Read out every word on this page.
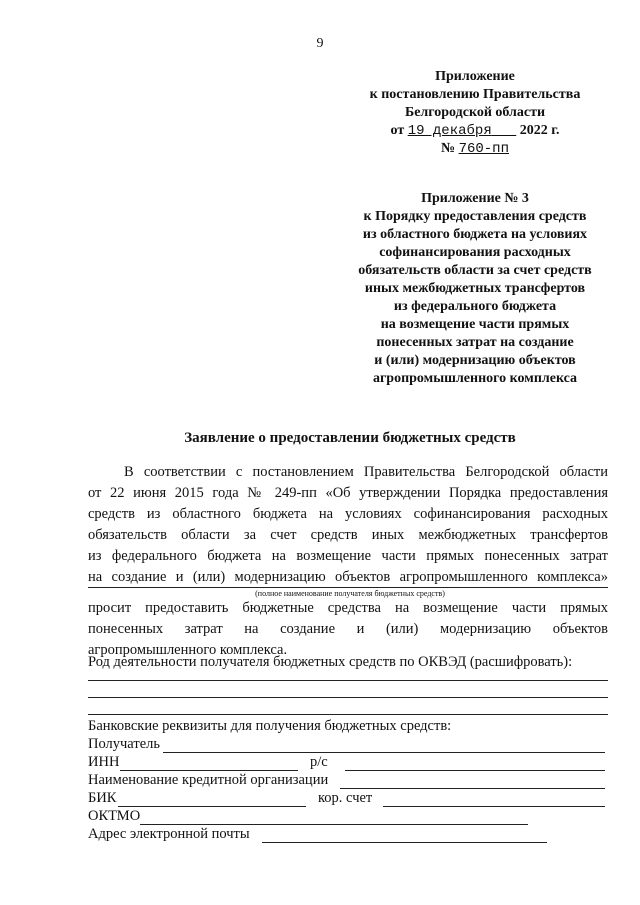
9
Приложение
к постановлению Правительства
Белгородской области
от 19 декабря 2022 г.
№ 760-пп
Приложение № 3
к Порядку предоставления средств
из областного бюджета на условиях
софинансирования расходных
обязательств области за счет средств
иных межбюджетных трансфертов
из федерального бюджета
на возмещение части прямых
понесенных затрат на создание
и (или) модернизацию объектов
агропромышленного комплекса
Заявление о предоставлении бюджетных средств
В соответствии с постановлением Правительства Белгородской области
от 22 июня 2015 года № 249-пп «Об утверждении Порядка предоставления
средств из областного бюджета на условиях софинансирования расходных
обязательств области за счет средств иных межбюджетных трансфертов
из федерального бюджета на возмещение части прямых понесенных затрат
на создание и (или) модернизацию объектов агропромышленного комплекса»
(полное наименование получателя бюджетных средств)
просит предоставить бюджетные средства на возмещение части прямых
понесенных затрат на создание и (или) модернизацию объектов
агропромышленного комплекса.
Род деятельности получателя бюджетных средств по ОКВЭД (расшифровать):
Банковские реквизиты для получения бюджетных средств:
Получатель
ИНН	р/с
Наименование кредитной организации
БИК	кор. счет
ОКТМО
Адрес электронной почты
